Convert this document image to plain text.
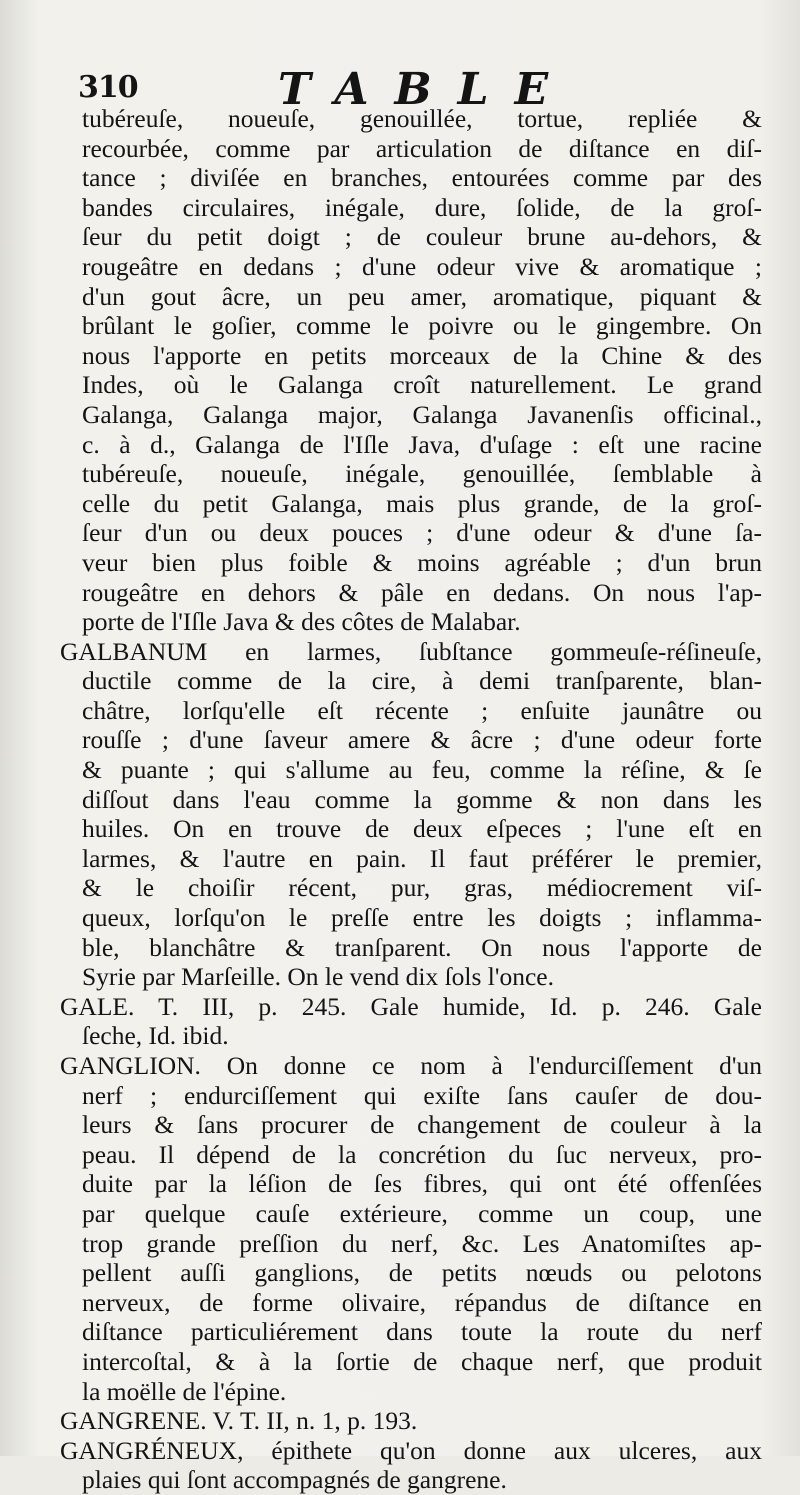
310	TABLE
tubéreuſe, noueuſe, genouillée, tortue, repliée &
recourbée, comme par articulation de diſtance en diſ-
tance ; diviſée en branches, entourées comme par des
bandes circulaires, inégale, dure, ſolide, de la groſ-
ſeur du petit doigt ; de couleur brune au-dehors, &
rougeâtre en dedans ; d'une odeur vive & aromatique ;
d'un gout âcre, un peu amer, aromatique, piquant &
brûlant le goſier, comme le poivre ou le gingembre. On
nous l'apporte en petits morceaux de la Chine & des
Indes, où le Galanga croît naturellement. Le grand
Galanga, Galanga major, Galanga Javanenſis officinal.,
c. à d., Galanga de l'Iſle Java, d'uſage : eſt une racine
tubéreuſe, noueuſe, inégale, genouillée, ſemblable à
celle du petit Galanga, mais plus grande, de la groſ-
ſeur d'un ou deux pouces ; d'une odeur & d'une ſa-
veur bien plus foible & moins agréable ; d'un brun
rougeâtre en dehors & pâle en dedans. On nous l'ap-
porte de l'Iſle Java & des côtes de Malabar.
GALBANUM en larmes, ſubſtance gommeuſe-réſineuſe,
ductile comme de la cire, à demi tranſparente, blan-
châtre, lorſqu'elle eſt récente ; enſuite jaunâtre ou
rouſſe ; d'une ſaveur amere & âcre ; d'une odeur forte
& puante ; qui s'allume au feu, comme la réſine, & ſe
diſſout dans l'eau comme la gomme & non dans les
huiles. On en trouve de deux eſpeces ; l'une eſt en
larmes, & l'autre en pain. Il faut préférer le premier,
& le choiſir récent, pur, gras, médiocrement viſ-
queux, lorſqu'on le preſſe entre les doigts ; inflamma-
ble, blanchâtre & tranſparent. On nous l'apporte de
Syrie par Marſeille. On le vend dix ſols l'once.
GALE. T. III, p. 245. Gale humide, Id. p. 246. Gale
ſeche, Id. ibid.
GANGLION. On donne ce nom à l'endurciſſement d'un
nerf ; endurciſſement qui exiſte ſans cauſer de dou-
leurs & ſans procurer de changement de couleur à la
peau. Il dépend de la concrétion du ſuc nerveux, pro-
duite par la léſion de ſes fibres, qui ont été offenſées
par quelque cauſe extérieure, comme un coup, une
trop grande preſſion du nerf, &c. Les Anatomiſtes ap-
pellent auſſi ganglions, de petits nœuds ou pelotons
nerveux, de forme olivaire, répandus de diſtance en
diſtance particuliérement dans toute la route du nerf
intercoſtal, & à la ſortie de chaque nerf, que produit
la moëlle de l'épine.
GANGRENE. V. T. II, n. 1, p. 193.
GANGRÉNEUX, épithete qu'on donne aux ulceres, aux
plaies qui ſont accompagnés de gangrene.
